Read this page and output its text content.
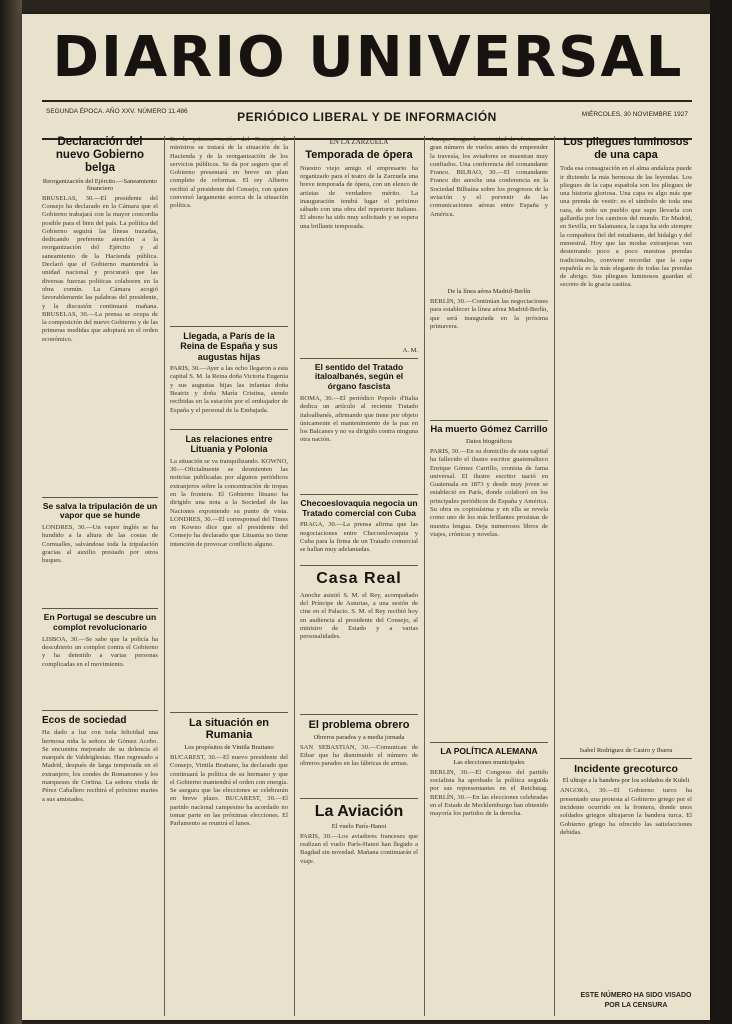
DIARIO UNIVERSAL
SEGUNDA ÉPOCA. AÑO XXV. NÚMERO 11.486	PERIÓDICO LIBERAL Y DE INFORMACIÓN	MIÉRCOLES, 30 NOVIEMBRE 1927
Declaración del nuevo Gobierno belga
Reorganización del Ejército.—Saneamiento financiero
BRUSELAS, 30.—El presidente del Consejo ha declarado en la Cámara que el Gobierno trabajará con la mayor concordia posible para el bien del país. La política del Gobierno seguirá las líneas trazadas, dedicando preferente atención a la reorganización del Ejército y al saneamiento de la Hacienda pública. Declaró que el Gobierno mantendrá la unidad nacional y procurará que las diversas fuerzas políticas colaboren en la obra común. La Cámara acogió favorablemente las palabras del presidente, y la discusión continuará mañana. BRUSELAS, 30.—La prensa se ocupa de la composición del nuevo Gobierno y de las primeras medidas que adoptará en el orden económico.
Se salva la tripulación de un vapor que se hunde
LONDRES, 30.—Un vapor inglés se ha hundido a la altura de las costas de Cornualles, salvándose toda la tripulación gracias al auxilio prestado por otros buques.
En Portugal se descubre un complot revolucionario
LISBOA, 30.—Se sabe que la policía ha descubierto un complot contra el Gobierno y ha detenido a varias personas complicadas en el movimiento.
Ecos de sociedad
Ha dado a luz con toda felicidad una hermosa niña la señora de Gómez Acebo. Se encuentra mejorado de su dolencia el marqués de Valdeiglesias. Han regresado a Madrid, después de larga temporada en el extranjero, los condes de Romanones y los marqueses de Cortina. La señora viuda de Pérez Caballero recibirá el próximo martes a sus amistades.
En la primera sesión del Consejo de ministros se tratará de la situación de la Hacienda y de la reorganización de los servicios públicos. Se da por seguro que el Gobierno presentará en breve un plan completo de reformas. El rey Alberto recibió al presidente del Consejo, con quien conversó largamente acerca de la situación política.
Llegada, a París de la Reina de España y sus augustas hijas
PARÍS, 30.—Ayer a las ocho llegaron a esta capital S. M. la Reina doña Victoria Eugenia y sus augustas hijas las infantas doña Beatriz y doña María Cristina, siendo recibidas en la estación por el embajador de España y el personal de la Embajada.
Las relaciones entre Lituania y Polonia
La situación se va tranquilizando. KOWNO, 30.—Oficialmente se desmienten las noticias publicadas por algunos periódicos extranjeros sobre la concentración de tropas en la frontera. El Gobierno lituano ha dirigido una nota a la Sociedad de las Naciones exponiendo su punto de vista. LONDRES, 30.—El corresponsal del Times en Kowno dice que el presidente del Consejo ha declarado que Lituania no tiene intención de provocar conflicto alguno.
La situación en Rumania
Los propósitos de Vintila Bratiano
BUCAREST, 30.—El nuevo presidente del Consejo, Vintila Bratiano, ha declarado que continuará la política de su hermano y que el Gobierno mantendrá el orden con energía. Se asegura que las elecciones se celebrarán en breve plazo. BUCAREST, 30.—El partido nacional campesino ha acordado no tomar parte en las próximas elecciones. El Parlamento se reunirá el lunes.
EN LA ZARZUELA
Temporada de ópera
Nuestro viejo amigo el empresario ha organizado para el teatro de la Zarzuela una breve temporada de ópera, con un elenco de artistas de verdadero mérito. La inauguración tendrá lugar el próximo sábado con una obra del repertorio italiano. El abono ha sido muy solicitado y se espera una brillante temporada.
A. M.
El sentido del Tratado italoalbanés, según el órgano fascista
ROMA, 30.—El periódico Popolo d'Italia dedica un artículo al reciente Tratado italoalbanés, afirmando que tiene por objeto únicamente el mantenimiento de la paz en los Balcanes y no va dirigido contra ninguna otra nación.
Checoeslovaquia negocia un Tratado comercial con Cuba
PRAGA, 30.—La prensa afirma que las negociaciones entre Checoeslovaquia y Cuba para la firma de un Tratado comercial se hallan muy adelantadas.
Casa Real
Anoche asistió S. M. el Rey, acompañado del Príncipe de Asturias, a una sesión de cine en el Palacio. S. M. el Rey recibió hoy en audiencia al presidente del Consejo, al ministro de Estado y a varias personalidades.
El problema obrero
Obreros parados y a media jornada
SAN SEBASTIÁN, 30.—Comunican de Eibar que ha disminuido el número de obreros parados en las fábricas de armas.
La Aviación
El vuelo París-Hanoi
PARÍS, 30.—Los aviadores franceses que realizan el vuelo París-Hanoi han llegado a Bagdad sin novedad. Mañana continuarán el viaje.
Aunque tengan la necesidad de efectuar un gran número de vuelos antes de emprender la travesía, los aviadores se muestran muy confiados. Una conferencia del comandante Franco. BILBAO, 30.—El comandante Franco dio anoche una conferencia en la Sociedad Bilbaína sobre los progresos de la aviación y el porvenir de las comunicaciones aéreas entre España y América.
De la línea aérea Madrid-Berlín
BERLÍN, 30.—Continúan las negociaciones para establecer la línea aérea Madrid-Berlín, que será inaugurada en la próxima primavera.
Ha muerto Gómez Carrillo
Datos biográficos
PARÍS, 30.—En su domicilio de esta capital ha fallecido el ilustre escritor guatemalteco Enrique Gómez Carrillo, cronista de fama universal. El ilustre escritor nació en Guatemala en 1873 y desde muy joven se estableció en París, donde colaboró en los principales periódicos de España y América. Su obra es copiosísima y en ella se revela como uno de los más brillantes prosistas de nuestra lengua. Deja numerosos libros de viajes, crónicas y novelas.
LA POLÍTICA ALEMANA
Las elecciones municipales
BERLÍN, 30.—El Congreso del partido socialista ha aprobado la política seguida por sus representantes en el Reichstag. BERLÍN, 30.—En las elecciones celebradas en el Estado de Mecklemburgo han obtenido mayoría los partidos de la derecha.
Los pliegues luminosos de una capa
Toda esa consagración en el alma andaluza puede ir diciendo la más hermosa de las leyendas. Los pliegues de la capa española son los pliegues de una historia gloriosa. Una capa es algo más que una prenda de vestir: es el símbolo de toda una raza, de todo un pueblo que supo llevarla con gallardía por los caminos del mundo. En Madrid, en Sevilla, en Salamanca, la capa ha sido siempre la compañera fiel del estudiante, del hidalgo y del menestral. Hoy que las modas extranjeras van desterrando poco a poco nuestras prendas tradicionales, conviene recordar que la capa española es la más elegante de todas las prendas de abrigo. Sus pliegues luminosos guardan el secreto de la gracia castiza.
Isabel Rodríguez de Castro y Ibarra
Incidente grecoturco
El ultraje a la bandera por los soldados de Kuleli
ANGORA, 30.—El Gobierno turco ha presentado una protesta al Gobierno griego por el incidente ocurrido en la frontera, donde unos soldados griegos ultrajaron la bandera turca. El Gobierno griego ha ofrecido las satisfacciones debidas.
ESTE NÚMERO HA SIDO VISADO POR LA CENSURA
